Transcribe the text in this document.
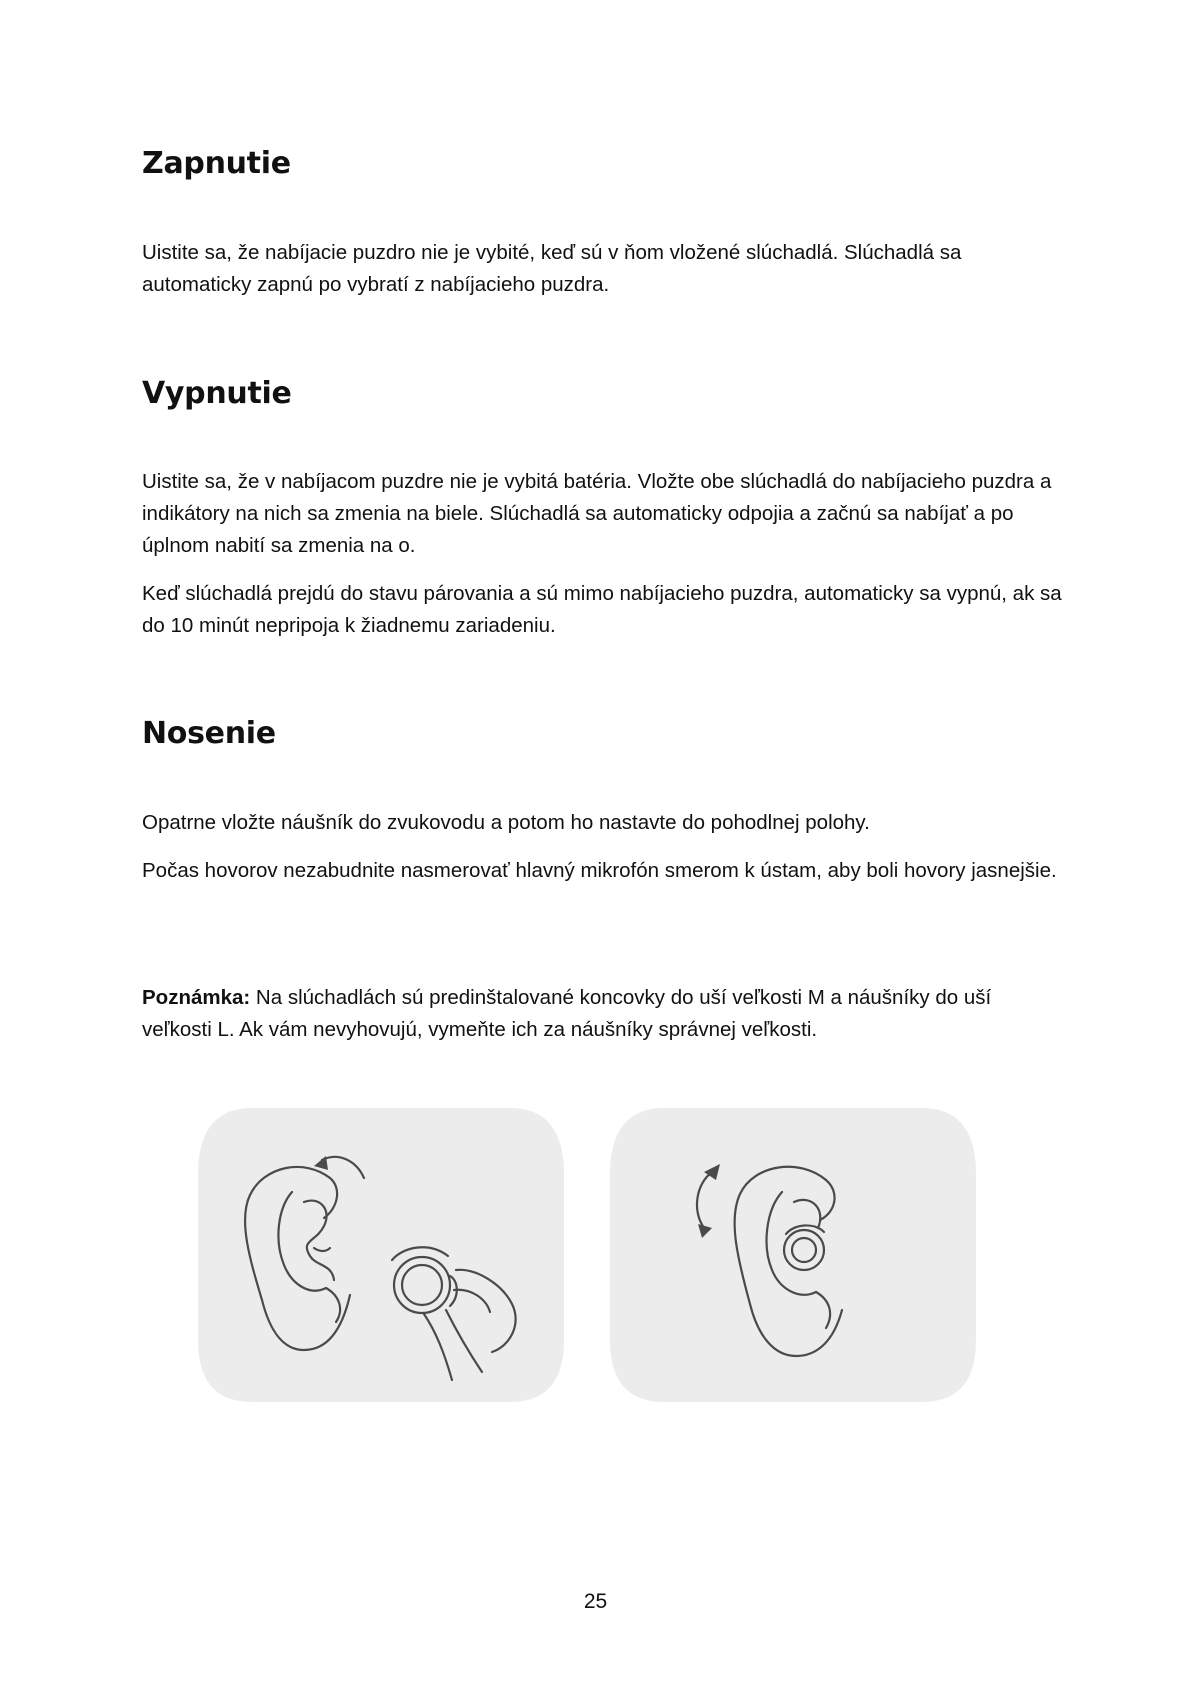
Zapnutie

Uistite sa, že nabíjacie puzdro nie je vybité, keď sú v ňom vložené slúchadlá. Slúchadlá sa automaticky zapnú po vybratí z nabíjacieho puzdra.

Vypnutie

Uistite sa, že v nabíjacom puzdre nie je vybitá batéria. Vložte obe slúchadlá do nabíjacieho puzdra a indikátory na nich sa zmenia na biele. Slúchadlá sa automaticky odpojia a začnú sa nabíjať a po úplnom nabití sa zmenia na o.

Keď slúchadlá prejdú do stavu párovania a sú mimo nabíjacieho puzdra, automaticky sa vypnú, ak sa do 10 minút nepripoja k žiadnemu zariadeniu.

Nosenie

Opatrne vložte náušník do zvukovodu a potom ho nastavte do pohodlnej polohy.

Počas hovorov nezabudnite nasmerovať hlavný mikrofón smerom k ústam, aby boli hovory jasnejšie.

Poznámka: Na slúchadlách sú predinštalované koncovky do uší veľkosti M a náušníky do uší veľkosti L. Ak vám nevyhovujú, vymeňte ich za náušníky správnej veľkosti.

25
